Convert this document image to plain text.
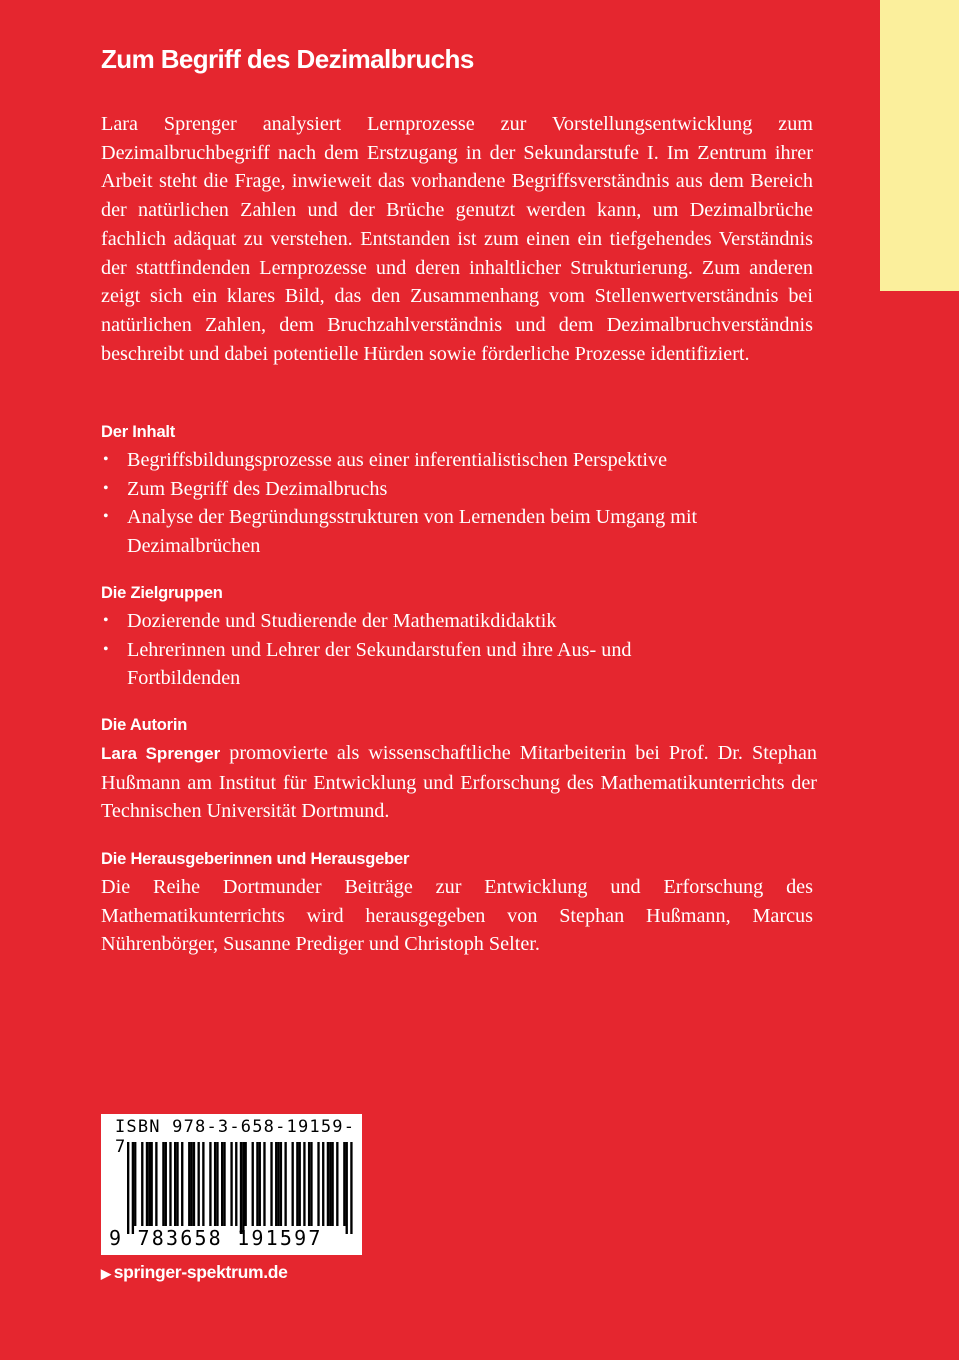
Zum Begriff des Dezimalbruchs

Lara Sprenger analysiert Lernprozesse zur Vorstellungsentwicklung zum Dezimalbruchbegriff nach dem Erstzugang in der Sekundarstufe I. Im Zentrum ihrer Arbeit steht die Frage, inwieweit das vorhandene Begriffsverständnis aus dem Bereich der natürlichen Zahlen und der Brüche genutzt werden kann, um Dezimalbrüche fachlich adäquat zu verstehen. Entstanden ist zum einen ein tiefgehendes Verständnis der stattfindenden Lernprozesse und deren inhaltlicher Strukturierung. Zum anderen zeigt sich ein klares Bild, das den Zusammenhang vom Stellenwertverständnis bei natürlichen Zahlen, dem Bruchzahlverständnis und dem Dezimalbruchverständnis beschreibt und dabei potentielle Hürden sowie förderliche Prozesse identifiziert.

Der Inhalt
• Begriffsbildungsprozesse aus einer inferentialistischen Perspektive
• Zum Begriff des Dezimalbruchs
• Analyse der Begründungsstrukturen von Lernenden beim Umgang mit Dezimalbrüchen
Die Zielgruppen
• Dozierende und Studierende der Mathematikdidaktik
• Lehrerinnen und Lehrer der Sekundarstufen und ihre Aus- und Fortbildenden
Die Autorin

Lara Sprenger promovierte als wissenschaftliche Mitarbeiterin bei Prof. Dr. Stephan Hußmann am Institut für Entwicklung und Erforschung des Mathematikunterrichts der Technischen Universität Dortmund.

Die Herausgeberinnen und Herausgeber

Die Reihe Dortmunder Beiträge zur Entwicklung und Erforschung des Mathematikunterrichts wird herausgegeben von Stephan Hußmann, Marcus Nührenbörger, Susanne Prediger und Christoph Selter.

ISBN 978-3-658-19159-7
9 783658 191597
▶ springer-spektrum.de
